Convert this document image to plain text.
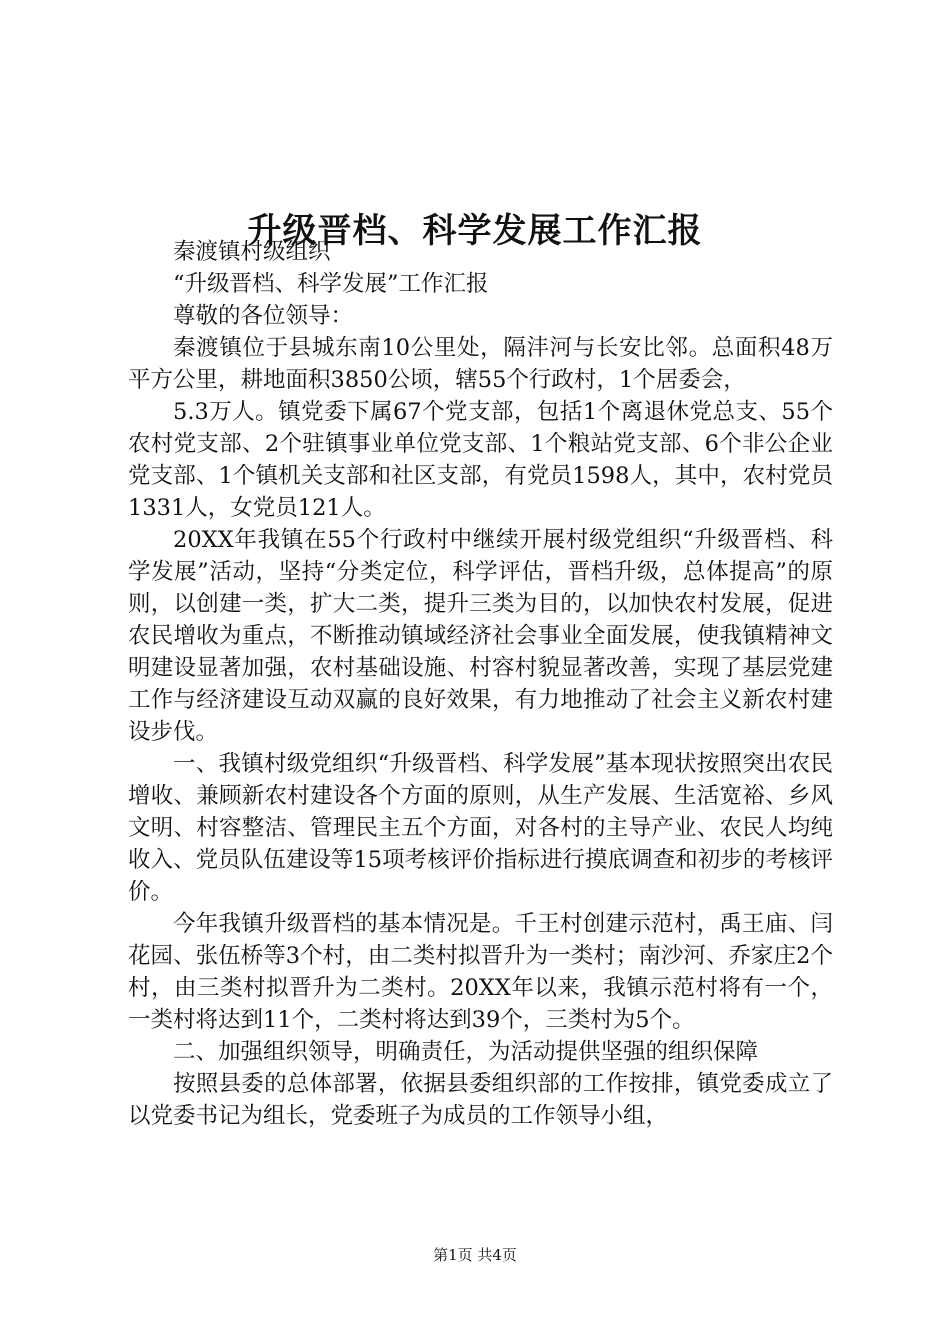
升级晋档、科学发展工作汇报

秦渡镇村级组织

“升级晋档、科学发展”工作汇报

尊敬的各位领导：

秦渡镇位于县城东南10公里处，隔沣河与长安比邻。总面积48万平方公里，耕地面积3850公顷，辖55个行政村，1个居委会，

5.3万人。镇党委下属67个党支部，包括1个离退休党总支、55个农村党支部、2个驻镇事业单位党支部、1个粮站党支部、6个非公企业党支部、1个镇机关支部和社区支部，有党员1598人，其中，农村党员1331人，女党员121人。

20XX年我镇在55个行政村中继续开展村级党组织“升级晋档、科学发展”活动，坚持“分类定位，科学评估，晋档升级，总体提高”的原则，以创建一类，扩大二类，提升三类为目的，以加快农村发展，促进农民增收为重点，不断推动镇域经济社会事业全面发展，使我镇精神文明建设显著加强，农村基础设施、村容村貌显著改善，实现了基层党建工作与经济建设互动双赢的良好效果，有力地推动了社会主义新农村建设步伐。

一、我镇村级党组织“升级晋档、科学发展”基本现状按照突出农民增收、兼顾新农村建设各个方面的原则，从生产发展、生活宽裕、乡风文明、村容整洁、管理民主五个方面，对各村的主导产业、农民人均纯收入、党员队伍建设等15项考核评价指标进行摸底调查和初步的考核评价。

今年我镇升级晋档的基本情况是。千王村创建示范村，禹王庙、闫花园、张伍桥等3个村，由二类村拟晋升为一类村；南沙河、乔家庄2个村，由三类村拟晋升为二类村。20XX年以来，我镇示范村将有一个，一类村将达到11个，二类村将达到39个，三类村为5个。

二、加强组织领导，明确责任，为活动提供坚强的组织保障

按照县委的总体部署，依据县委组织部的工作按排，镇党委成立了以党委书记为组长，党委班子为成员的工作领导小组，

第1页 共4页
